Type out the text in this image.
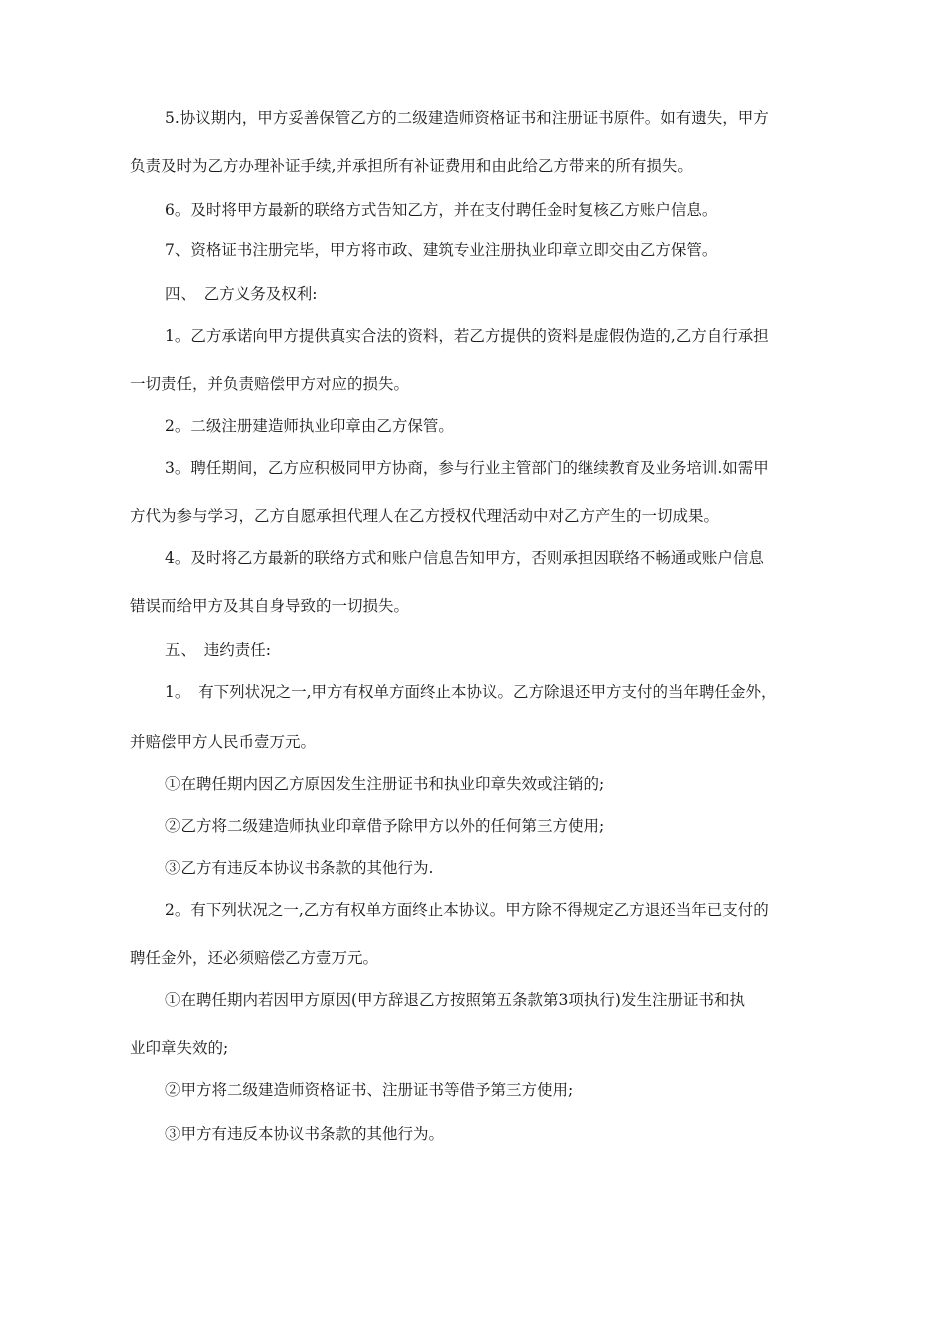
5.协议期内，甲方妥善保管乙方的二级建造师资格证书和注册证书原件。如有遗失，甲方
负责及时为乙方办理补证手续,并承担所有补证费用和由此给乙方带来的所有损失。
6。及时将甲方最新的联络方式告知乙方，并在支付聘任金时复核乙方账户信息。
7、资格证书注册完毕，甲方将市政、建筑专业注册执业印章立即交由乙方保管。
四、　乙方义务及权利:
1。乙方承诺向甲方提供真实合法的资料，若乙方提供的资料是虚假伪造的,乙方自行承担
一切责任，并负责赔偿甲方对应的损失。
2。二级注册建造师执业印章由乙方保管。
3。聘任期间，乙方应积极同甲方协商，参与行业主管部门的继续教育及业务培训.如需甲
方代为参与学习，乙方自愿承担代理人在乙方授权代理活动中对乙方产生的一切成果。
4。及时将乙方最新的联络方式和账户信息告知甲方，否则承担因联络不畅通或账户信息
错误而给甲方及其自身导致的一切损失。
五、　违约责任:
1。　有下列状况之一,甲方有权单方面终止本协议。乙方除退还甲方支付的当年聘任金外，
并赔偿甲方人民币壹万元。
①在聘任期内因乙方原因发生注册证书和执业印章失效或注销的;
②乙方将二级建造师执业印章借予除甲方以外的任何第三方使用;
③乙方有违反本协议书条款的其他行为.
2。有下列状况之一,乙方有权单方面终止本协议。甲方除不得规定乙方退还当年已支付的
聘任金外，还必须赔偿乙方壹万元。
①在聘任期内若因甲方原因(甲方辞退乙方按照第五条款第3项执行)发生注册证书和执
业印章失效的;
②甲方将二级建造师资格证书、注册证书等借予第三方使用;
③甲方有违反本协议书条款的其他行为。
